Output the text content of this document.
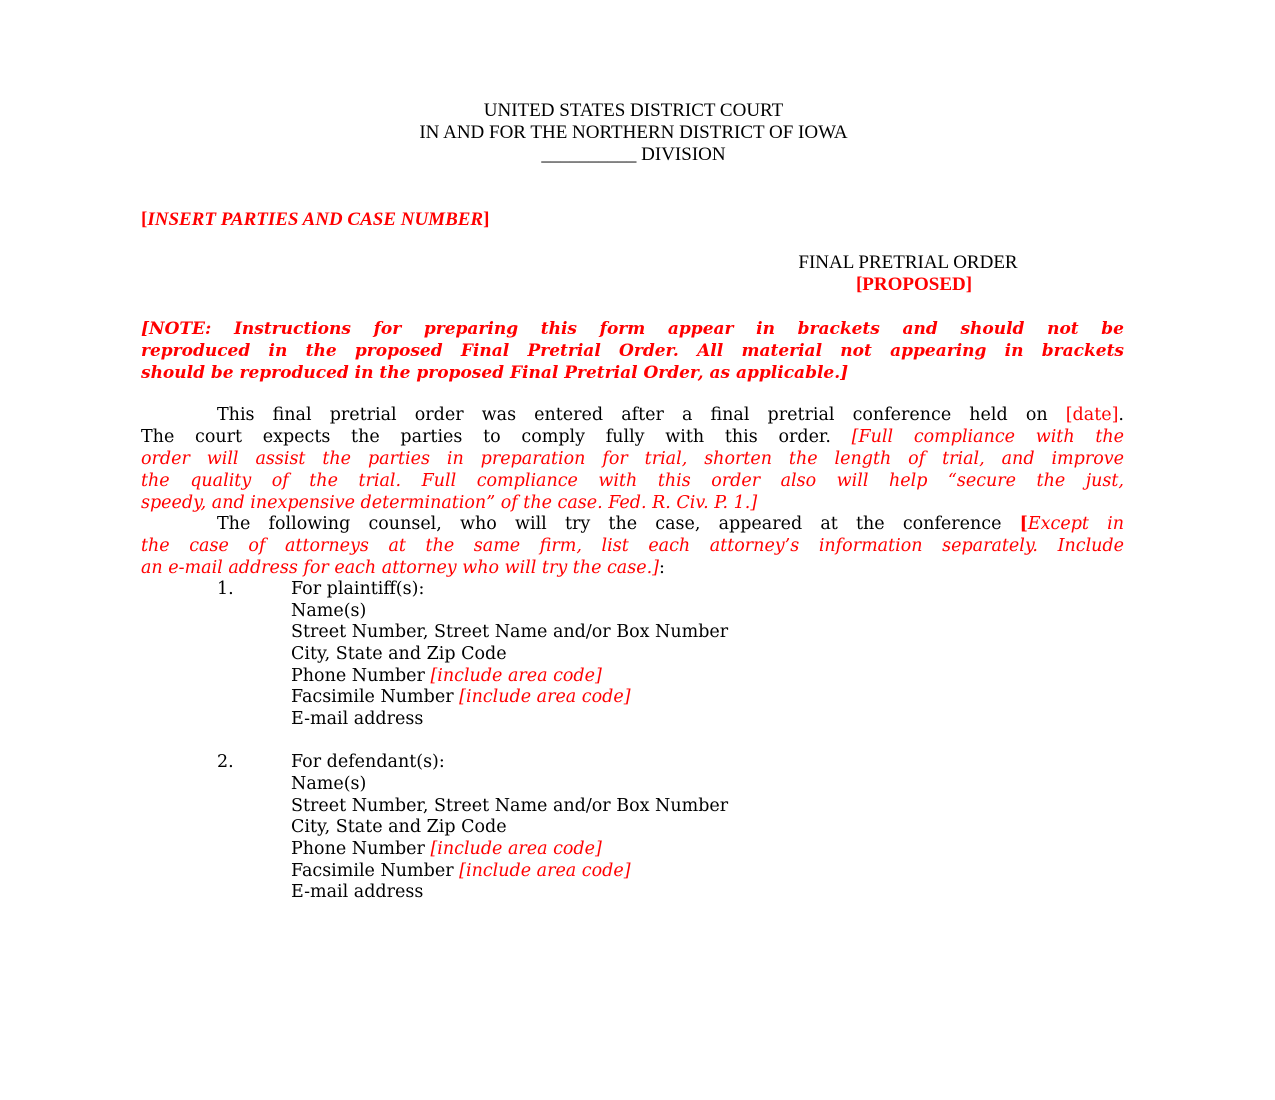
UNITED STATES DISTRICT COURT
IN AND FOR THE NORTHERN DISTRICT OF IOWA
__________ DIVISION
[INSERT PARTIES AND CASE NUMBER]
FINAL PRETRIAL ORDER
[PROPOSED]
[NOTE: Instructions for preparing this form appear in brackets and should not be
reproduced in the proposed Final Pretrial Order. All material not appearing in brackets
should be reproduced in the proposed Final Pretrial Order, as applicable.]
This final pretrial order was entered after a final pretrial conference held on [date].
The court expects the parties to comply fully with this order. [Full compliance with the
order will assist the parties in preparation for trial, shorten the length of trial, and improve
the quality of the trial. Full compliance with this order also will help “secure the just,
speedy, and inexpensive determination” of the case. Fed. R. Civ. P. 1.]
The following counsel, who will try the case, appeared at the conference [Except in
the case of attorneys at the same firm, list each attorney’s information separately. Include
an e-mail address for each attorney who will try the case.]:
1.	For plaintiff(s):
Name(s)
Street Number, Street Name and/or Box Number
City, State and Zip Code
Phone Number [include area code]
Facsimile Number [include area code]
E-mail address
2.	For defendant(s):
Name(s)
Street Number, Street Name and/or Box Number
City, State and Zip Code
Phone Number [include area code]
Facsimile Number [include area code]
E-mail address
